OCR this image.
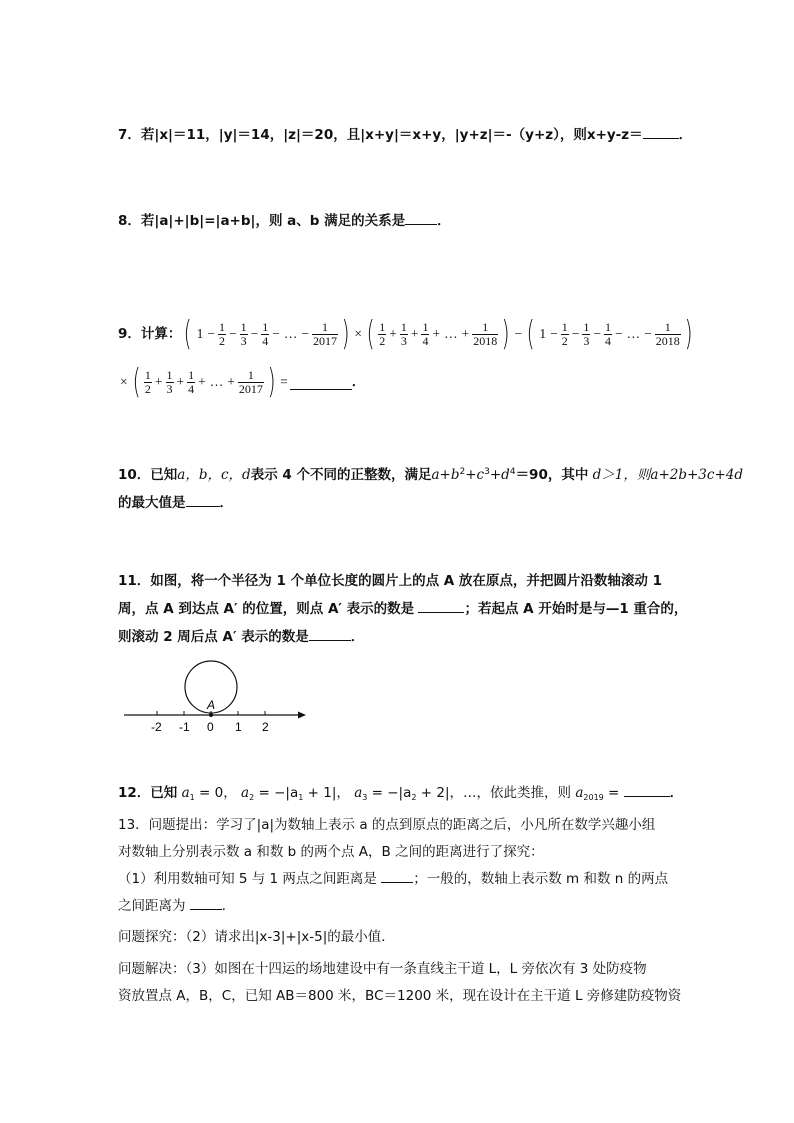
7．若|x|＝11，|y|＝14，|z|＝20，且|x+y|＝x+y，|y+z|＝-（y+z），则x+y-z＝	．
8．若|a|+|b|=|a+b|，则 a、b 满足的关系是 ．
9．计算： ( $1 - \frac{1}{2} - \frac{1}{3} - \frac{1}{4}$ − … − $\frac{1}{2017}$ ) × ( $\frac{1}{2} + \frac{1}{3} + \frac{1}{4}$ + … + $\frac{1}{2018}$ ) − ( $1 - \frac{1}{2} - \frac{1}{3} - \frac{1}{4}$ − … − $\frac{1}{2018}$ )
× ( $\frac{1}{2} + \frac{1}{3} + \frac{1}{4}$ + … + $\frac{1}{2017}$ ) =	．
10．已知a，b，c，d表示 4 个不同的正整数，满足$a+b^2+c^3+d^4=90$，其中 d＞1，则a+2b+3c+4d
的最大值是	．
11．如图，将一个半径为 1 个单位长度的圆片上的点 A 放在原点，并把圆片沿数轴滚动 1
周，点 A 到达点 A′ 的位置，则点 A′ 表示的数是	；若起点 A 开始时是与—1 重合的，
则滚动 2 周后点 A′ 表示的数是	．
A
-2 -1 0 1 2
12．已知 $a_1 = 0$， $a_2 = -|a_1 + 1|$， $a_3 = -|a_2 + 2|$，…，依此类推，则 $a_{2019}$ =	．
13．问题提出：学习了|a|为数轴上表示 a 的点到原点的距离之后，小凡所在数学兴趣小组
对数轴上分别表示数 a 和数 b 的两个点 A，B 之间的距离进行了探究：
（1）利用数轴可知 5 与 1 两点之间距离是	；一般的，数轴上表示数 m 和数 n 的两点
之间距离为	．
问题探究：（2）请求出|x-3|+|x-5|的最小值．
问题解决：（3）如图在十四运的场地建设中有一条直线主干道 L，L 旁依次有 3 处防疫物
资放置点 A，B，C，已知 AB＝800 米，BC＝1200 米，现在设计在主干道 L 旁修建防疫物资
